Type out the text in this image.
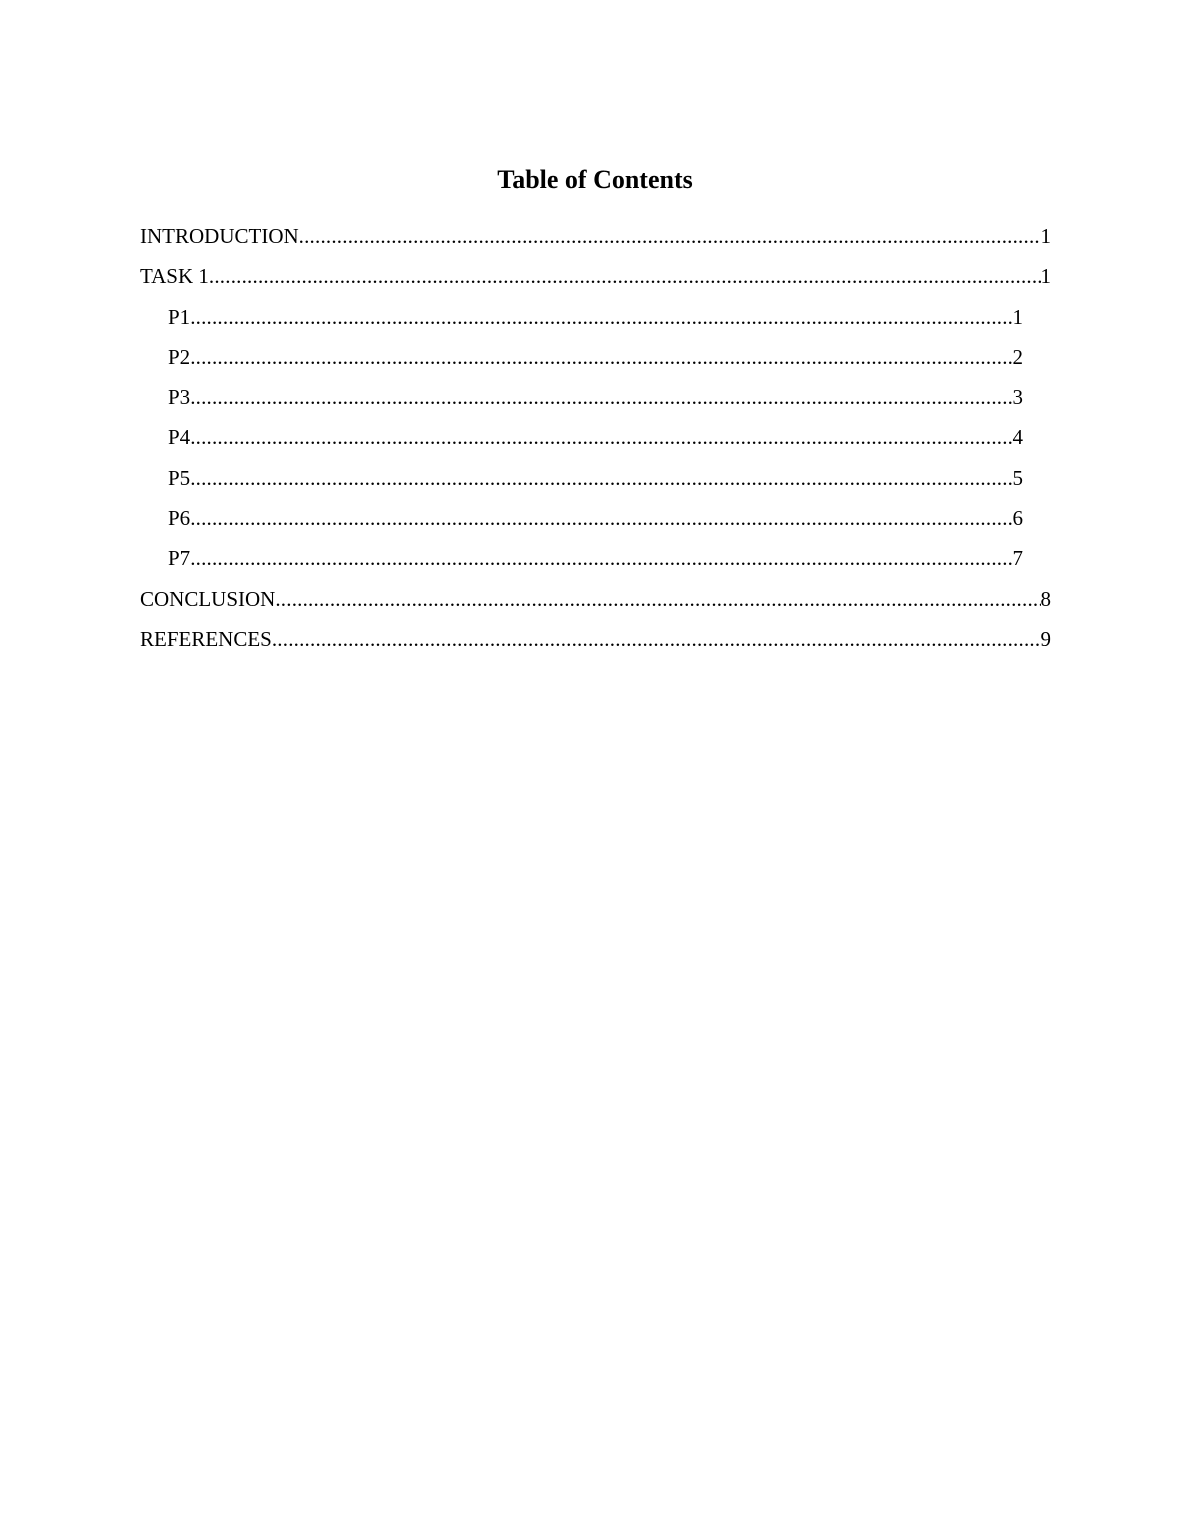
Table of Contents
INTRODUCTION .....	1
TASK 1 .....	1
P1 .....	1
P2 .....	2
P3 .....	3
P4 .....	4
P5 .....	5
P6 .....	6
P7 .....	7
CONCLUSION .....	8
REFERENCES .....	9
